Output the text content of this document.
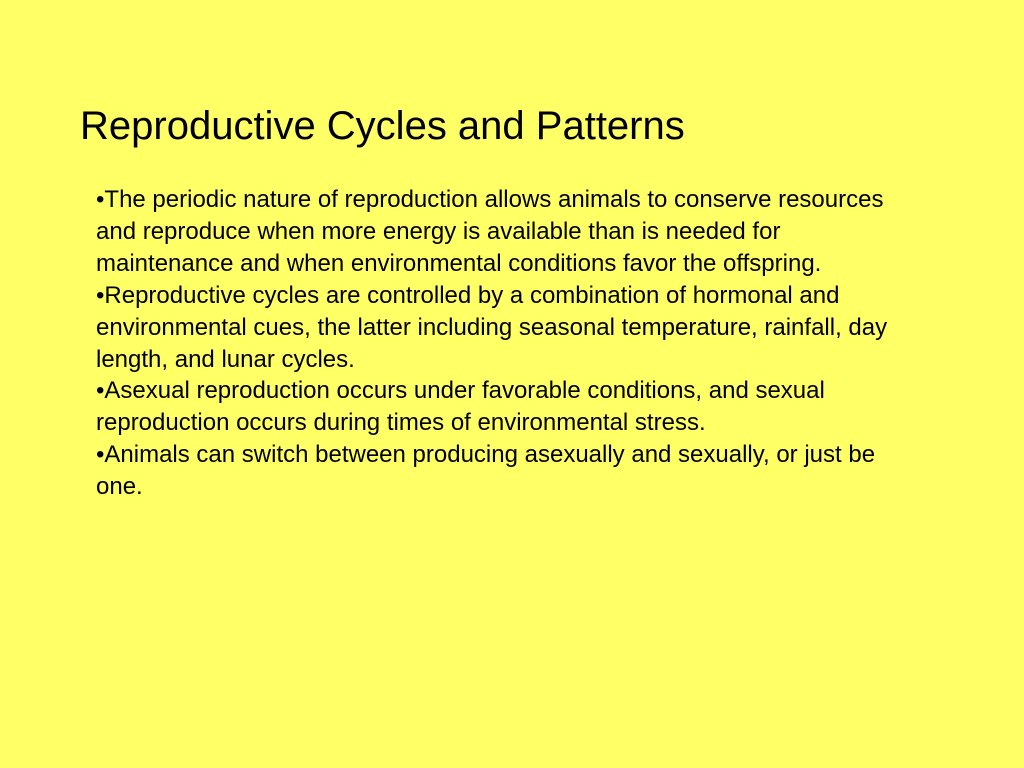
Reproductive Cycles and Patterns
•The periodic nature of reproduction allows animals to conserve resources and reproduce when more energy is available than is needed for maintenance and when environmental conditions favor the offspring.
•Reproductive cycles are controlled by a combination of hormonal and environmental cues, the latter including seasonal temperature, rainfall, day length, and lunar cycles.
•Asexual reproduction occurs under favorable conditions, and sexual reproduction occurs during times of environmental stress.
•Animals can switch between producing asexually and sexually, or just be one.
